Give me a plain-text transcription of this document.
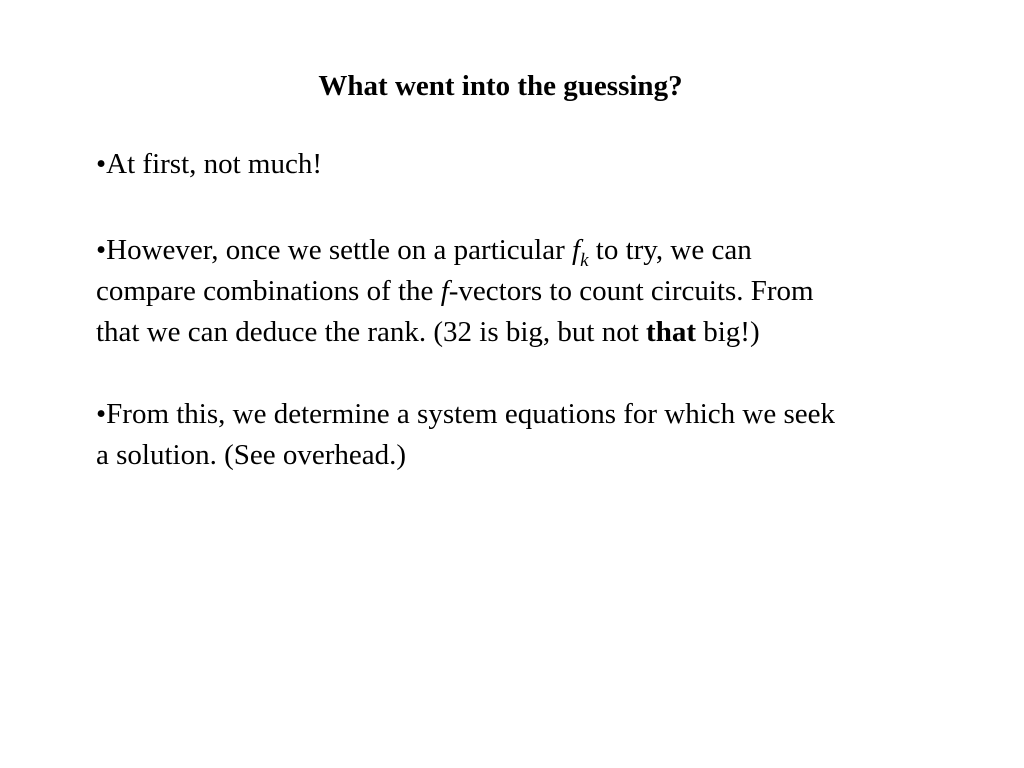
What went into the guessing?
•At first, not much!
•However, once we settle on a particular $f_k$ to try, we can
compare combinations of the f-vectors to count circuits. From
that we can deduce the rank. (32 is big, but not that big!)
•From this, we determine a system equations for which we seek
a solution. (See overhead.)
